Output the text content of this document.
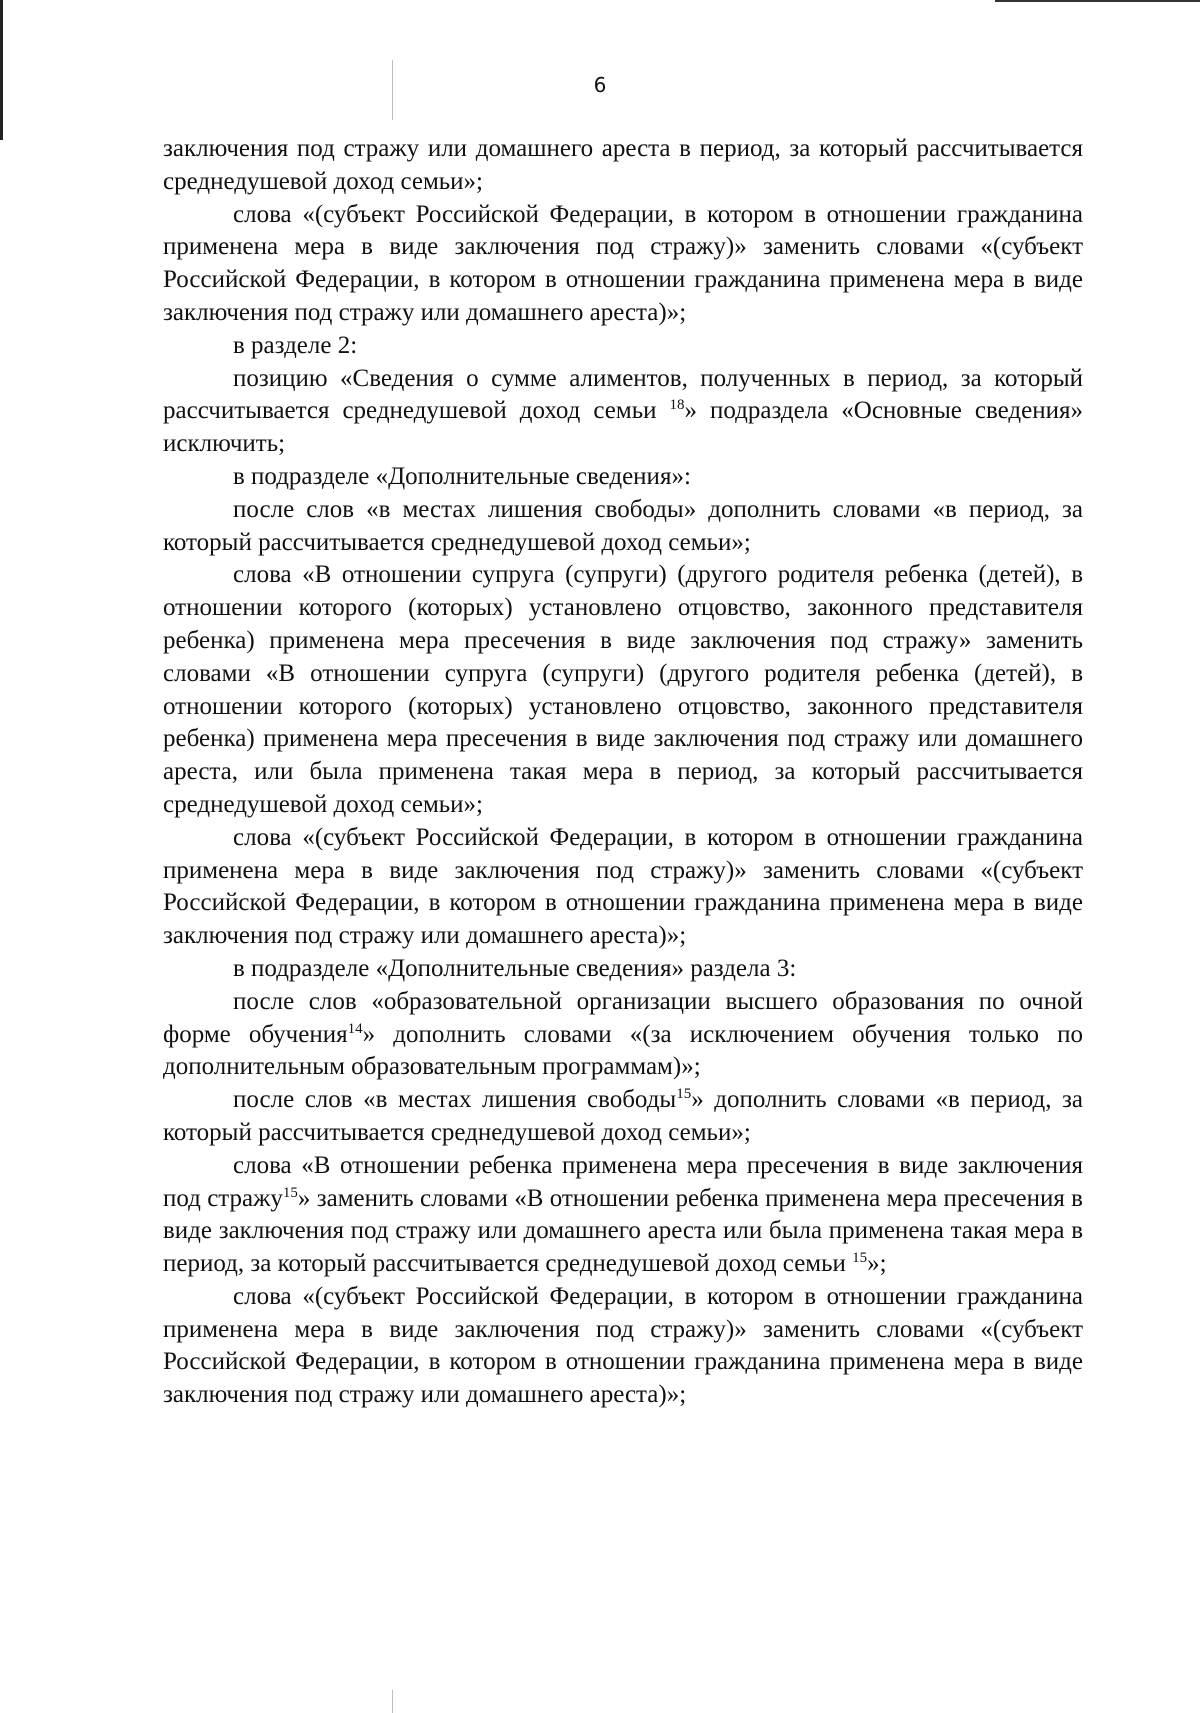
6

заключения под стражу или домашнего ареста в период, за который рассчитывается среднедушевой доход семьи»;

слова «(субъект Российской Федерации, в котором в отношении гражданина применена мера в виде заключения под стражу)» заменить словами «(субъект Российской Федерации, в котором в отношении гражданина применена мера в виде заключения под стражу или домашнего ареста)»;

в разделе 2:

позицию «Сведения о сумме алиментов, полученных в период, за который рассчитывается среднедушевой доход семьи $^{18}$» подраздела «Основные сведения» исключить;

в подразделе «Дополнительные сведения»:

после слов «в местах лишения свободы» дополнить словами «в период, за который рассчитывается среднедушевой доход семьи»;

слова «В отношении супруга (супруги) (другого родителя ребенка (детей), в отношении которого (которых) установлено отцовство, законного представителя ребенка) применена мера пресечения в виде заключения под стражу» заменить словами «В отношении супруга (супруги) (другого родителя ребенка (детей), в отношении которого (которых) установлено отцовство, законного представителя ребенка) применена мера пресечения в виде заключения под стражу или домашнего ареста, или была применена такая мера в период, за который рассчитывается среднедушевой доход семьи»;

слова «(субъект Российской Федерации, в котором в отношении гражданина применена мера в виде заключения под стражу)» заменить словами «(субъект Российской Федерации, в котором в отношении гражданина применена мера в виде заключения под стражу или домашнего ареста)»;

в подразделе «Дополнительные сведения» раздела 3:

после слов «образовательной организации высшего образования по очной форме обучения$^{14}$» дополнить словами «(за исключением обучения только по дополнительным образовательным программам)»;

после слов «в местах лишения свободы$^{15}$» дополнить словами «в период, за который рассчитывается среднедушевой доход семьи»;

слова «В отношении ребенка применена мера пресечения в виде заключения под стражу$^{15}$» заменить словами «В отношении ребенка применена мера пресечения в виде заключения под стражу или домашнего ареста или была применена такая мера в период, за который рассчитывается среднедушевой доход семьи $^{15}$»;

слова «(субъект Российской Федерации, в котором в отношении гражданина применена мера в виде заключения под стражу)» заменить словами «(субъект Российской Федерации, в котором в отношении гражданина применена мера в виде заключения под стражу или домашнего ареста)»;
